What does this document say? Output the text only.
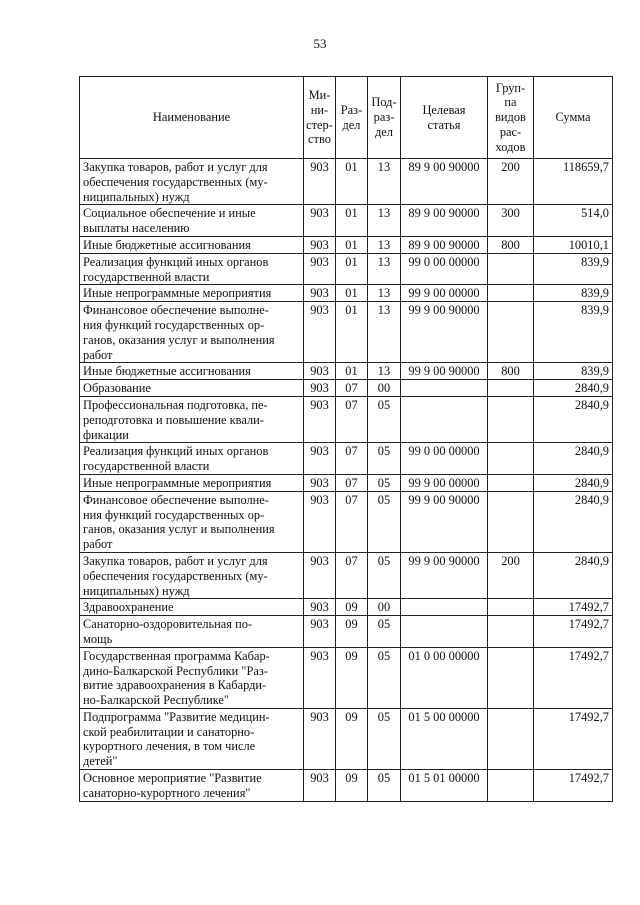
53
Наименование	Ми-
ни-
стер-
ство	Раз-
дел	Под-
раз-
дел	Целевая
статья	Груп-
па
видов
рас-
ходов	Сумма
Закупка товаров, работ и услуг для обеспечения государственных (му-
ниципальных) нужд	903	01	13	89 9 00 90000	200	118659,7
Социальное обеспечение и иные выплаты населению	903	01	13	89 9 00 90000	300	514,0
Иные бюджетные ассигнования	903	01	13	89 9 00 90000	800	10010,1
Реализация функций иных органов государственной власти	903	01	13	99 0 00 00000		839,9
Иные непрограммные мероприятия	903	01	13	99 9 00 00000		839,9
Финансовое обеспечение выполне-
ния функций государственных ор-
ганов, оказания услуг и выполнения
работ	903	01	13	99 9 00 90000		839,9
Иные бюджетные ассигнования	903	01	13	99 9 00 90000	800	839,9
Образование	903	07	00			2840,9
Профессиональная подготовка, пе-
реподготовка и повышение квали-
фикации	903	07	05			2840,9
Реализация функций иных органов государственной власти	903	07	05	99 0 00 00000		2840,9
Иные непрограммные мероприятия	903	07	05	99 9 00 00000		2840,9
Финансовое обеспечение выполне-
ния функций государственных ор-
ганов, оказания услуг и выполнения
работ	903	07	05	99 9 00 90000		2840,9
Закупка товаров, работ и услуг для обеспечения государственных (му-
ниципальных) нужд	903	07	05	99 9 00 90000	200	2840,9
Здравоохранение	903	09	00			17492,7
Санаторно-оздоровительная по-
мощь	903	09	05			17492,7
Государственная программа Кабар-
дино-Балкарской Республики "Раз-
витие здравоохранения в Кабарди-
но-Балкарской Республике"	903	09	05	01 0 00 00000		17492,7
Подпрограмма "Развитие медицин-
ской реабилитации и санаторно-
курортного лечения, в том числе
детей"	903	09	05	01 5 00 00000		17492,7
Основное мероприятие "Развитие санаторно-курортного лечения"	903	09	05	01 5 01 00000		17492,7
